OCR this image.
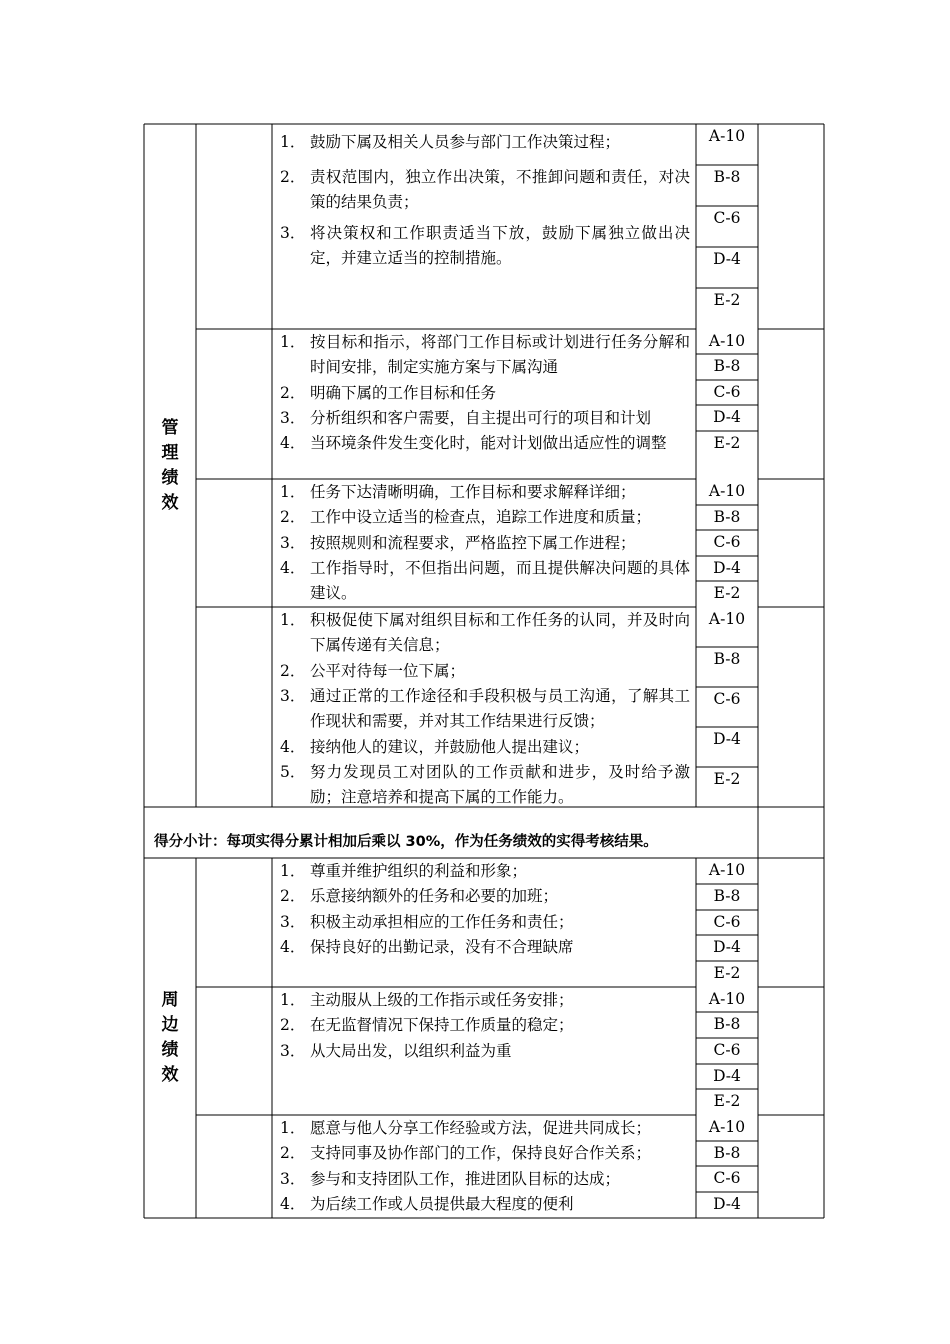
管
理
绩
效
周
边
绩
效
1． 鼓励下属及相关人员参与部门工作决策过程；
2． 责权范围内，独立作出决策，不推卸问题和责任，对决策的结果负责；
3． 将决策权和工作职责适当下放，鼓励下属独立做出决定，并建立适当的控制措施。
A-10
B-8
C-6
D-4
E-2
1． 按目标和指示，将部门工作目标或计划进行任务分解和时间安排，制定实施方案与下属沟通
2． 明确下属的工作目标和任务
3． 分析组织和客户需要，自主提出可行的项目和计划
4． 当环境条件发生变化时，能对计划做出适应性的调整
A-10
B-8
C-6
D-4
E-2
1． 任务下达清晰明确，工作目标和要求解释详细；
2． 工作中设立适当的检查点，追踪工作进度和质量；
3． 按照规则和流程要求，严格监控下属工作进程；
4． 工作指导时，不但指出问题，而且提供解决问题的具体建议。
A-10
B-8
C-6
D-4
E-2
1． 积极促使下属对组织目标和工作任务的认同，并及时向下属传递有关信息；
2． 公平对待每一位下属；
3． 通过正常的工作途径和手段积极与员工沟通，了解其工作现状和需要，并对其工作结果进行反馈；
4． 接纳他人的建议，并鼓励他人提出建议；
5． 努力发现员工对团队的工作贡献和进步，及时给予激励；注意培养和提高下属的工作能力。
A-10
B-8
C-6
D-4
E-2
1． 尊重并维护组织的利益和形象；
2． 乐意接纳额外的任务和必要的加班；
3． 积极主动承担相应的工作任务和责任；
4． 保持良好的出勤记录，没有不合理缺席
A-10
B-8
C-6
D-4
E-2
1． 主动服从上级的工作指示或任务安排；
2． 在无监督情况下保持工作质量的稳定；
3． 从大局出发，以组织利益为重
A-10
B-8
C-6
D-4
E-2
1． 愿意与他人分享工作经验或方法，促进共同成长；
2． 支持同事及协作部门的工作，保持良好合作关系；
3． 参与和支持团队工作，推进团队目标的达成；
4． 为后续工作或人员提供最大程度的便利
A-10
B-8
C-6
D-4
得分小计：每项实得分累计相加后乘以 30%，作为任务绩效的实得考核结果。
